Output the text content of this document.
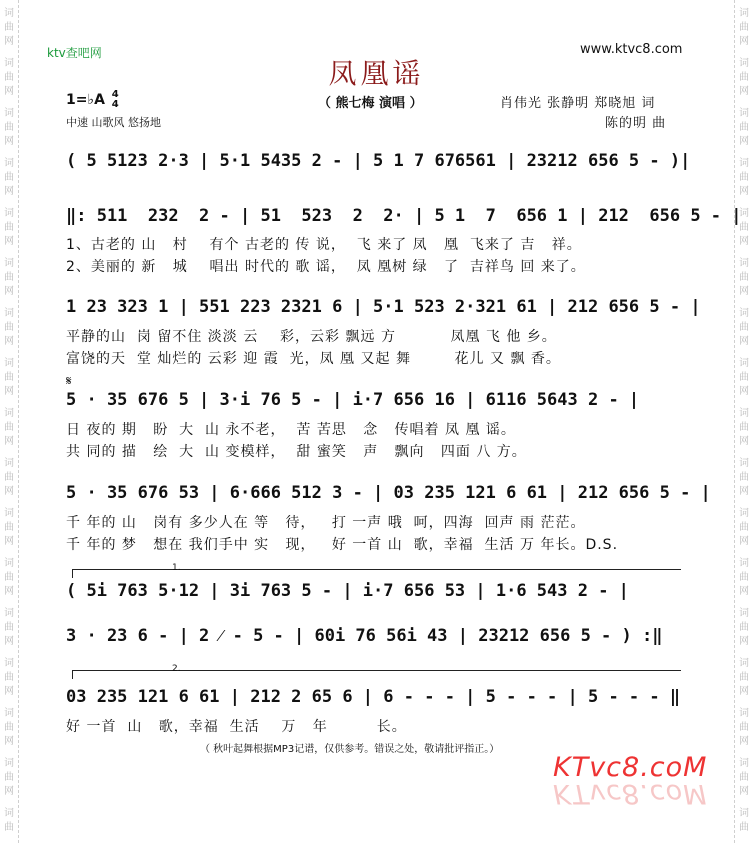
词
曲
网
词
曲
网
词
曲
网
词
曲
网
词
曲
网
词
曲
网
词
曲
网
词
曲
网
词
曲
网
词
曲
网
词
曲
网
词
曲
网
词
曲
网
词
曲
网
词
曲
网
词
曲
网
词
曲
词
曲
网
词
曲
网
词
曲
网
词
曲
网
词
曲
网
词
曲
网
词
曲
网
词
曲
网
词
曲
网
词
曲
网
词
曲
网
词
曲
网
词
曲
网
词
曲
网
词
曲
网
词
曲
网
词
曲
ktv查吧网	www.ktvc8.com
凤凰谣
（ 熊七梅 演唱 ）
1=♭A 4
4
中速 山歌风 悠扬地
肖伟光 张静明 郑晓旭 词
陈的明 曲
( 5 5123 2·3 | 5·1 5435 2 - | 5 1 7 676561 | 23212 656 5 - )|
‖: 511  232  2 - | 51  523  2  2· | 5 1  7  656 1 | 212  656 5 - |
1、古老的 山   村    有个 古老的 传 说，  飞 来了 凤   凰  飞来了 吉   祥。
2、美丽的 新   城    唱出 时代的 歌 谣，  凤 凰树 绿   了  吉祥鸟 回 来了。
1 23 323 1 | 551 223 2321 6 | 5·1 523 2·321 61 | 212 656 5 - |
平静的山  岗 留不住 淡淡 云    彩，云彩 飘远 方          凤凰 飞 他 乡。
富饶的天  堂 灿烂的 云彩 迎 霞  光，凤 凰 又起 舞        花儿 又 飘 香。
𝄋
5 · 35 676 5 | 3·i 76 5 - | i·7 656 16 | 6116 5643 2 - |
日 夜的 期   盼  大  山 永不老，  苦 苦思   念   传唱着 凤 凰 谣。
共 同的 描   绘  大  山 变模样，  甜 蜜笑   声   飘向   四面 八 方。
5 · 35 676 53 | 6·666 512 3 - | 03 235 121 6 61 | 212 656 5 - |
千 年的 山   岗有 多少人在 等   待，   打 一声 哦  呵，四海  回声 雨 茫茫。
千 年的 梦   想在 我们手中 实   现，   好 一首 山  歌，幸福  生活 万 年长。D.S.
1.
( 5i 763 5·12 | 3i 763 5 - | i·7 656 53 | 1·6 543 2 - |
3 · 23 6 - | 2 ⁄ - 5 - | 60i 76 56i 43 | 23212 656 5 - ) :‖
2.
03 235 121 6 61 | 212 2 65 6 | 6 - - - | 5 - - - | 5 - - - ‖
好 一首  山   歌，幸福  生活    万   年         长。
（ 秋叶起舞根据MP3记谱，仅供参考。错误之处，敬请批评指正。）
KTvc8.coM
KTvc8.coM
